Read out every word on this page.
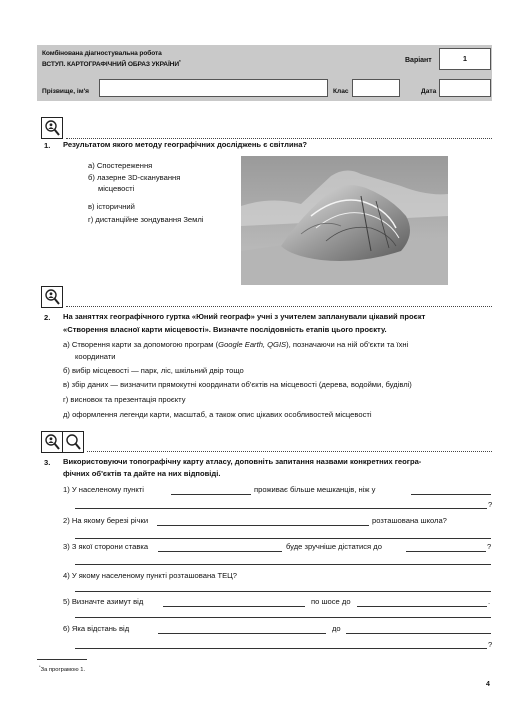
Комбінована діагностувальна робота
ВСТУП. КАРТОГРАФІЧНИЙ ОБРАЗ УКРАЇНИ*	Варіант	1
Прізвище, ім'я	Клас	Дата
1. Результатом якого методу географічних досліджень є світлина?
а) Спостереження
б) лазерне 3D-сканування
місцевості
в) історичний
г) дистанційне зондування Землі
2. На заняттях географічного гуртка «Юний географ» учні з учителем запланували цікавий проєкт
«Створення власної карти місцевості». Визначте послідовність етапів цього проєкту.
а) Створення карти за допомогою програм (Google Earth, QGIS), позначаючи на ній об'єкти та їхні
координати
б) вибір місцевості — парк, ліс, шкільний двір тощо
в) збір даних — визначити прямокутні координати об'єктів на місцевості (дерева, водойми, будівлі)
г) висновок та презентація проєкту
д) оформлення легенди карти, масштаб, а також опис цікавих особливостей місцевості
3. Використовуючи топографічну карту атласу, доповніть запитання назвами конкретних геогра-
фічних об'єктів та дайте на них відповіді.
1) У населеному пункті	проживає більше мешканців, ніж у
?
2) На якому березі річки	розташована школа?
3) З якої сторони ставка	буде зручніше дістатися до	?
4) У якому населеному пункті розташована ТЕЦ?
5) Визначте азимут від	по шосе до	.
6) Яка відстань від	до
?
*За програмою 1.
4
